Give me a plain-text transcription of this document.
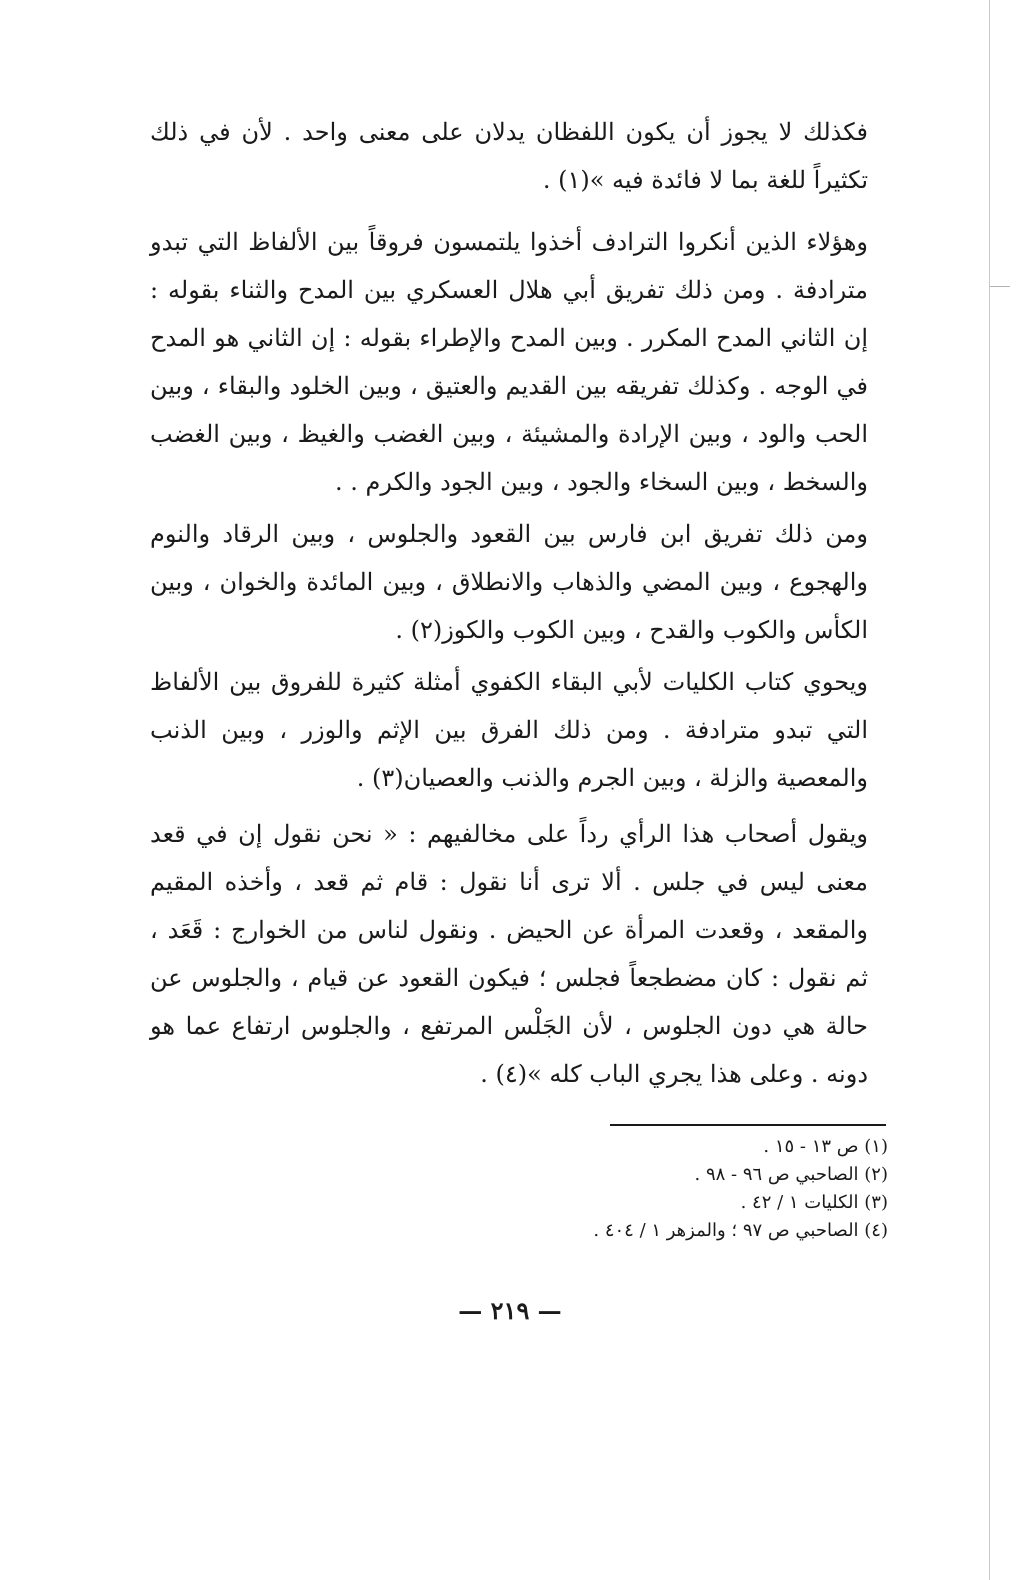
فكذلك لا يجوز أن يكون اللفظان يدلان على معنى واحد . لأن في ذلك تكثيراً للغة بما لا فائدة فيه »(١) .

وهؤلاء الذين أنكروا الترادف أخذوا يلتمسون فروقاً بين الألفاظ التي تبدو مترادفة . ومن ذلك تفريق أبي هلال العسكري بين المدح والثناء بقوله : إن الثاني المدح المكرر . وبين المدح والإطراء بقوله : إن الثاني هو المدح في الوجه . وكذلك تفريقه بين القديم والعتيق ، وبين الخلود والبقاء ، وبين الحب والود ، وبين الإرادة والمشيئة ، وبين الغضب والغيظ ، وبين الغضب والسخط ، وبين السخاء والجود ، وبين الجود والكرم . .

ومن ذلك تفريق ابن فارس بين القعود والجلوس ، وبين الرقاد والنوم والهجوع ، وبين المضي والذهاب والانطلاق ، وبين المائدة والخوان ، وبين الكأس والكوب والقدح ، وبين الكوب والكوز(٢) .

ويحوي كتاب الكليات لأبي البقاء الكفوي أمثلة كثيرة للفروق بين الألفاظ التي تبدو مترادفة . ومن ذلك الفرق بين الإثم والوزر ، وبين الذنب والمعصية والزلة ، وبين الجرم والذنب والعصيان(٣) .

ويقول أصحاب هذا الرأي رداً على مخالفيهم : « نحن نقول إن في قعد معنى ليس في جلس . ألا ترى أنا نقول : قام ثم قعد ، وأخذه المقيم والمقعد ، وقعدت المرأة عن الحيض . ونقول لناس من الخوارج : قَعَد ، ثم نقول : كان مضطجعاً فجلس ؛ فيكون القعود عن قيام ، والجلوس عن حالة هي دون الجلوس ، لأن الجَلْس المرتفع ، والجلوس ارتفاع عما هو دونه . وعلى هذا يجري الباب كله »(٤) .

(١) ص ١٣ - ١٥ .
(٢) الصاحبي ص ٩٦ - ٩٨ .
(٣) الكليات ١ / ٤٢ .
(٤) الصاحبي ص ٩٧ ؛ والمزهر ١ / ٤٠٤ .
— ٢١٩ —
